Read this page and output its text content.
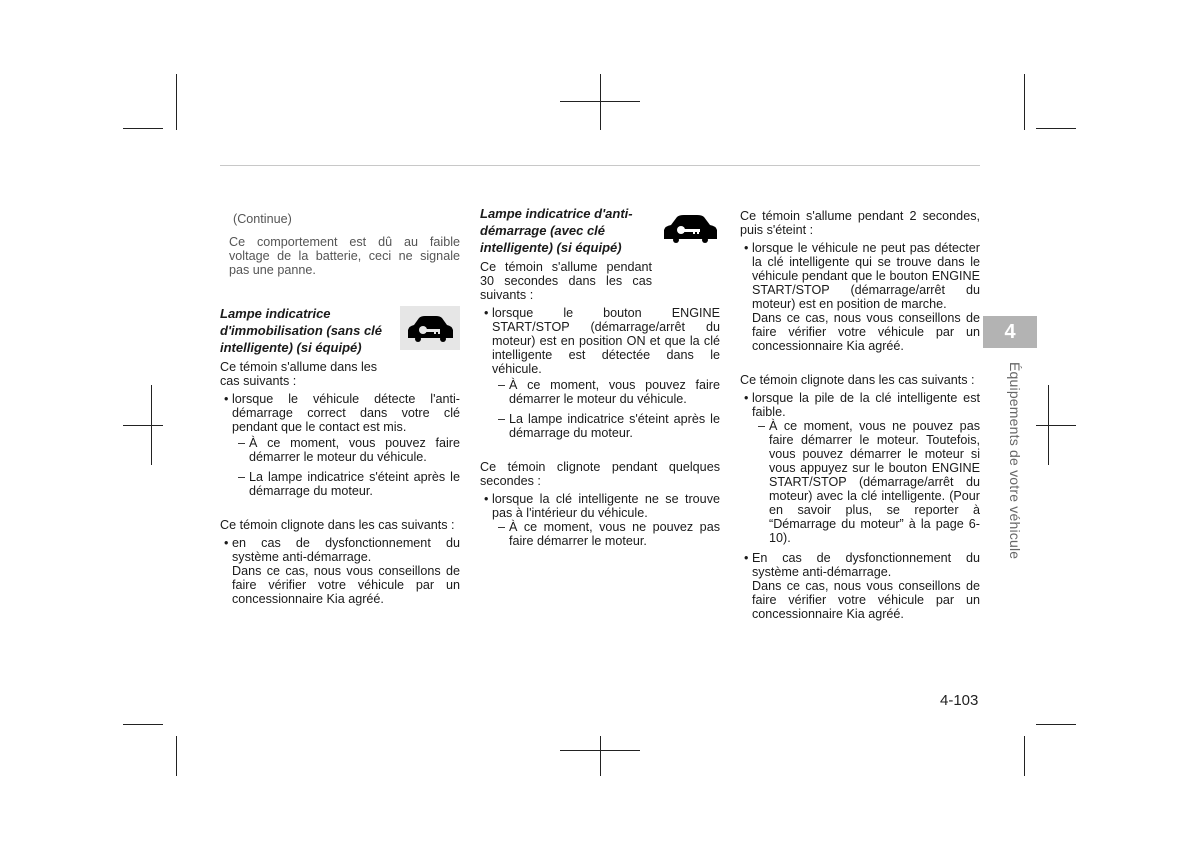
(Continue)

Ce comportement est dû au faible voltage de la batterie, ceci ne signale pas une panne.

Lampe indicatrice
d'immobilisation (sans clé
intelligente) (si équipé)

Ce témoin s'allume dans les cas suivants :

• lorsque le véhicule détecte l'anti-démarrage correct dans votre clé pendant que le contact est mis.
– À ce moment, vous pouvez faire démarrer le moteur du véhicule.
– La lampe indicatrice s'éteint après le démarrage du moteur.

Ce témoin clignote dans les cas suivants :

• en cas de dysfonctionnement du système anti-démarrage.

Dans ce cas, nous vous conseillons de faire vérifier votre véhicule par un concessionnaire Kia agréé.

Lampe indicatrice d'anti-
démarrage (avec clé
intelligente) (si équipé)

Ce témoin s'allume pendant 30 secondes dans les cas suivants :

• lorsque le bouton ENGINE START/STOP (démarrage/arrêt du moteur) est en position ON et que la clé intelligente est détectée dans le véhicule.
– À ce moment, vous pouvez faire démarrer le moteur du véhicule.
– La lampe indicatrice s'éteint après le démarrage du moteur.

Ce témoin clignote pendant quelques secondes :

• lorsque la clé intelligente ne se trouve pas à l'intérieur du véhicule.
– À ce moment, vous ne pouvez pas faire démarrer le moteur.

Ce témoin s'allume pendant 2 secondes, puis s'éteint :

• lorsque le véhicule ne peut pas détecter la clé intelligente qui se trouve dans le véhicule pendant que le bouton ENGINE START/STOP (démarrage/arrêt du moteur) est en position de marche.

Dans ce cas, nous vous conseillons de faire vérifier votre véhicule par un concessionnaire Kia agréé.

Ce témoin clignote dans les cas suivants :

• lorsque la pile de la clé intelligente est faible.
– À ce moment, vous ne pouvez pas faire démarrer le moteur. Toutefois, vous pouvez démarrer le moteur si vous appuyez sur le bouton ENGINE START/STOP (démarrage/arrêt du moteur) avec la clé intelligente. (Pour en savoir plus, se reporter à “Démarrage du moteur” à la page 6-10).
• En cas de dysfonctionnement du système anti-démarrage.

Dans ce cas, nous vous conseillons de faire vérifier votre véhicule par un concessionnaire Kia agréé.

4
Équipements de votre véhicule
4-103
